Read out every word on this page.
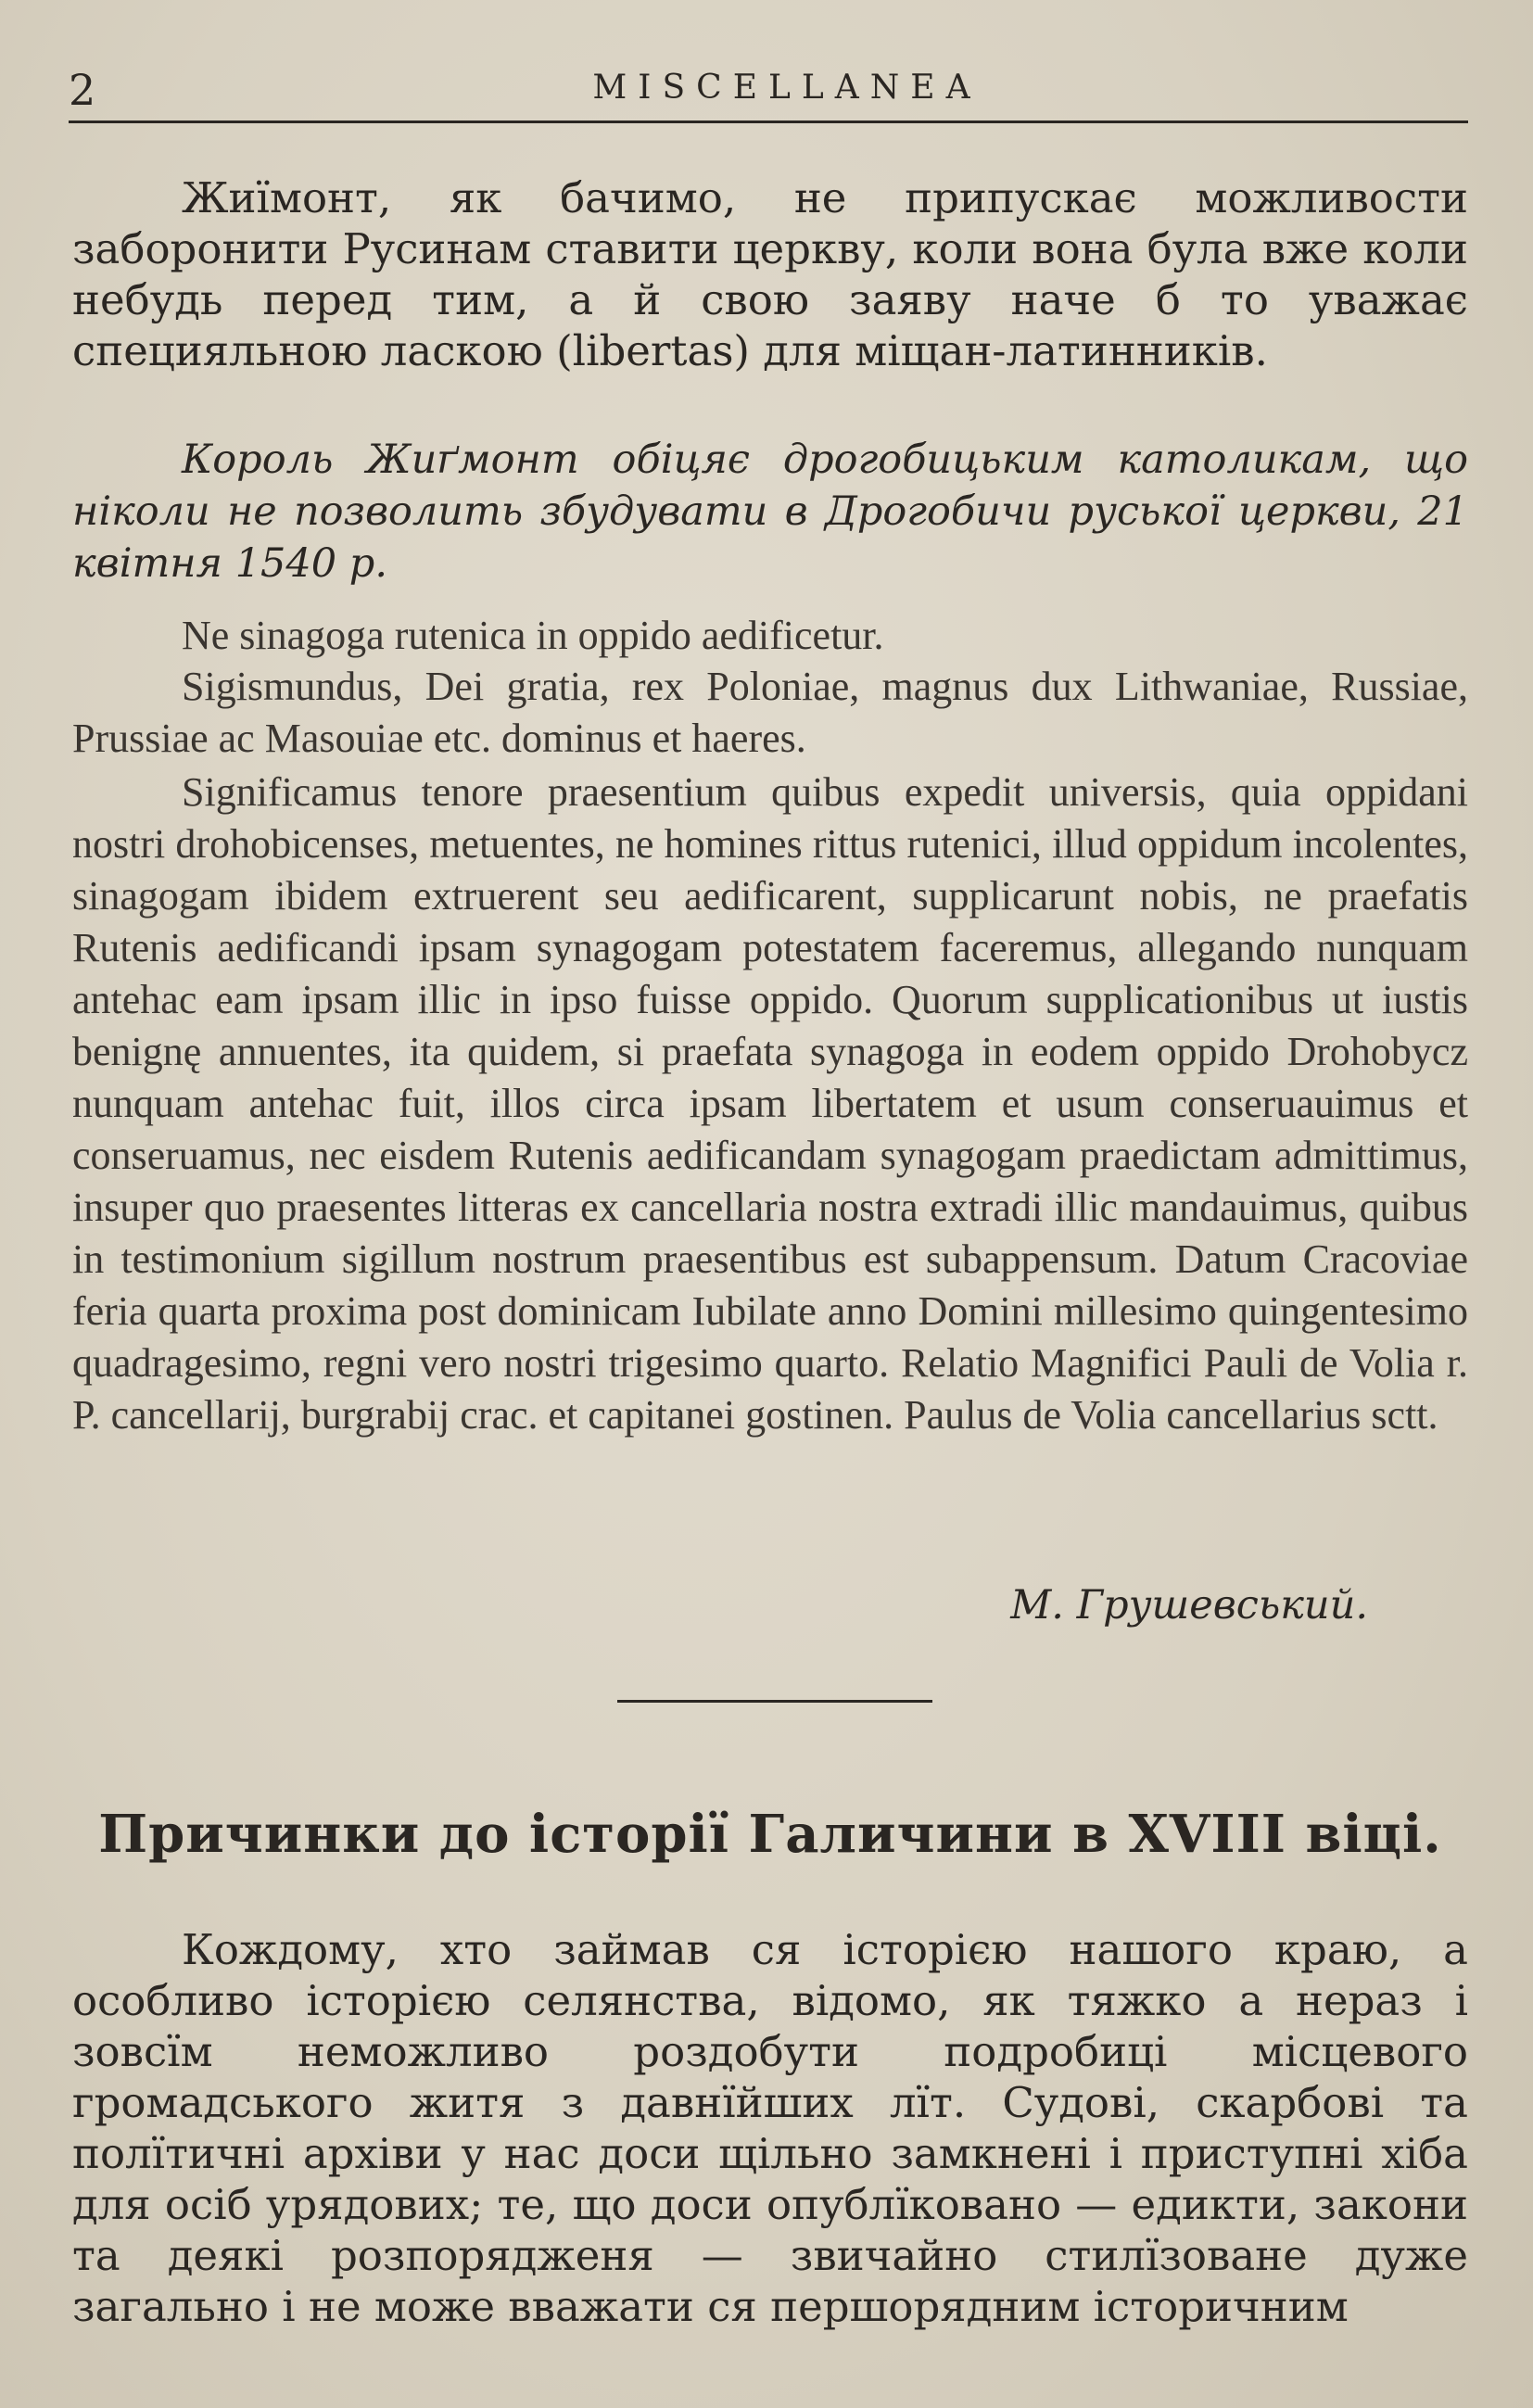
2	MISCELLANEA

Жиїмонт, як бачимо, не припускає можливости заборонити Русинам ставити церкву, коли вона була вже коли небудь перед тим, а й свою заяву наче б то уважає специяльною ласкою (libertas) для міщан-латинників.

Король Жиґмонт обіцяє дрогобицьким католикам, що ніколи не позволить збудувати в Дрогобичи руської церкви, 21 квітня 1540 р.

Ne sinagoga rutenica in oppido aedificetur.

Sigismundus, Dei gratia, rex Poloniae, magnus dux Lithwaniae, Russiae, Prussiae ac Masouiae etc. dominus et haeres.

Significamus tenore praesentium quibus expedit universis, quia oppidani nostri drohobicenses, metuentes, ne homines rittus rutenici, illud oppidum incolentes, sinagogam ibidem extruerent seu aedificarent, supplicarunt nobis, ne praefatis Rutenis aedificandi ipsam synagogam potestatem faceremus, allegando nunquam antehac eam ipsam illic in ipso fuisse oppido. Quorum supplicationibus ut iustis benignę annuentes, ita quidem, si praefata synagoga in eodem oppido Drohobycz nunquam antehac fuit, illos circa ipsam libertatem et usum conseruauimus et conseruamus, nec eisdem Rutenis aedificandam synagogam praedictam admittimus, insuper quo praesentes litteras ex cancellaria nostra extradi illic mandauimus, quibus in testimonium sigillum nostrum praesentibus est subappensum. Datum Cracoviae feria quarta proxima post dominicam Iubilate anno Domini millesimo quingentesimo quadragesimo, regni vero nostri trigesimo quarto. Relatio Magnifici Pauli de Volia r. P. cancellarij, burgrabij crac. et capitanei gostinen. Paulus de Volia cancellarius sctt.

М. Грушевський.

Причинки до історії Галичини в XVIII віці.

Кождому, хто займав ся історією нашого краю, а особливо історією селянства, відомо, як тяжко а нераз і зовсїм неможливо роздобути подробиці місцевого громадського житя з давнїйших лїт. Судові, скарбові та полїтичні архіви у нас доси щільно замкнені і приступні хіба для осіб урядових; те, що доси опублїковано — едикти, закони та деякі розпорядженя — звичайно стилїзоване дуже загально і не може вважати ся першорядним історичним
